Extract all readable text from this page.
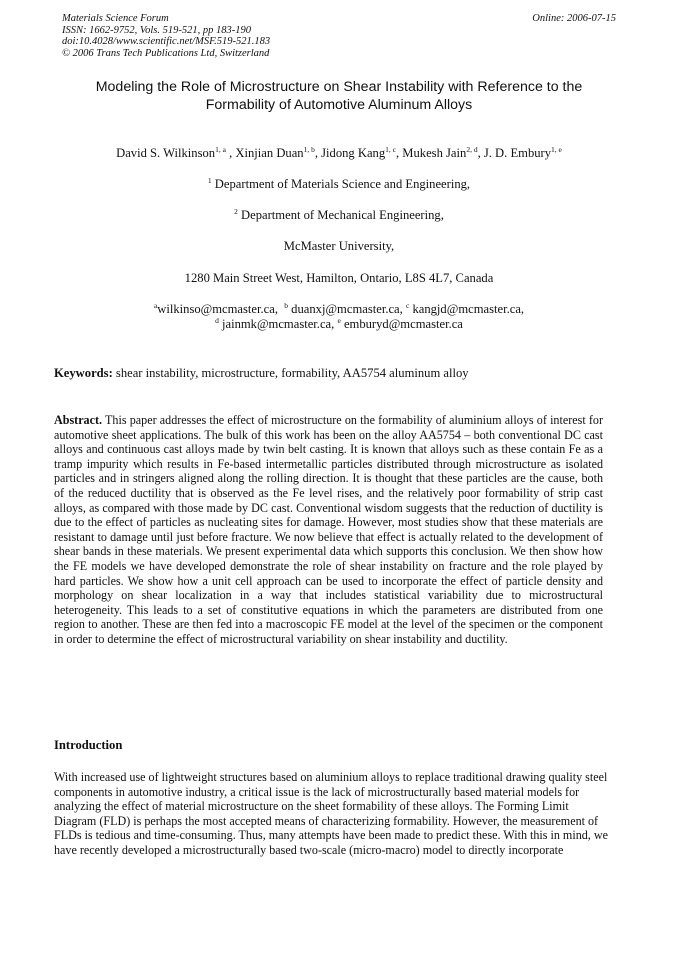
Materials Science Forum
ISSN: 1662-9752, Vols. 519-521, pp 183-190
doi:10.4028/www.scientific.net/MSF.519-521.183
© 2006 Trans Tech Publications Ltd, Switzerland
Online: 2006-07-15
Modeling the Role of Microstructure on Shear Instability with Reference to the
Formability of Automotive Aluminum Alloys
David S. Wilkinson$^{1, a}$ , Xinjian Duan$^{1, b}$, Jidong Kang$^{1, c}$, Mukesh Jain$^{2, d}$, J. D. Embury$^{1, e}$
$^1$ Department of Materials Science and Engineering,
$^2$ Department of Mechanical Engineering,
McMaster University,
1280 Main Street West, Hamilton, Ontario, L8S 4L7, Canada
$^a$wilkinso@mcmaster.ca, $^b$ duanxj@mcmaster.ca, $^c$ kangjd@mcmaster.ca,
$^d$ jainmk@mcmaster.ca, $^e$ emburyd@mcmaster.ca
Keywords: shear instability, microstructure, formability, AA5754 aluminum alloy
Abstract. This paper addresses the effect of microstructure on the formability of aluminium alloys of interest for automotive sheet applications. The bulk of this work has been on the alloy AA5754 – both conventional DC cast alloys and continuous cast alloys made by twin belt casting. It is known that alloys such as these contain Fe as a tramp impurity which results in Fe-based intermetallic particles distributed through microstructure as isolated particles and in stringers aligned along the rolling direction. It is thought that these particles are the cause, both of the reduced ductility that is observed as the Fe level rises, and the relatively poor formability of strip cast alloys, as compared with those made by DC cast. Conventional wisdom suggests that the reduction of ductility is due to the effect of particles as nucleating sites for damage. However, most studies show that these materials are resistant to damage until just before fracture. We now believe that effect is actually related to the development of shear bands in these materials. We present experimental data which supports this conclusion. We then show how the FE models we have developed demonstrate the role of shear instability on fracture and the role played by hard particles. We show how a unit cell approach can be used to incorporate the effect of particle density and morphology on shear localization in a way that includes statistical variability due to microstructural heterogeneity. This leads to a set of constitutive equations in which the parameters are distributed from one region to another. These are then fed into a macroscopic FE model at the level of the specimen or the component in order to determine the effect of microstructural variability on shear instability and ductility.
Introduction
With increased use of lightweight structures based on aluminium alloys to replace traditional drawing quality steel components in automotive industry, a critical issue is the lack of microstructurally based material models for analyzing the effect of material microstructure on the sheet formability of these alloys. The Forming Limit Diagram (FLD) is perhaps the most accepted means of characterizing formability. However, the measurement of FLDs is tedious and time-consuming. Thus, many attempts have been made to predict these. With this in mind, we have recently developed a microstructurally based two-scale (micro-macro) model to directly incorporate
